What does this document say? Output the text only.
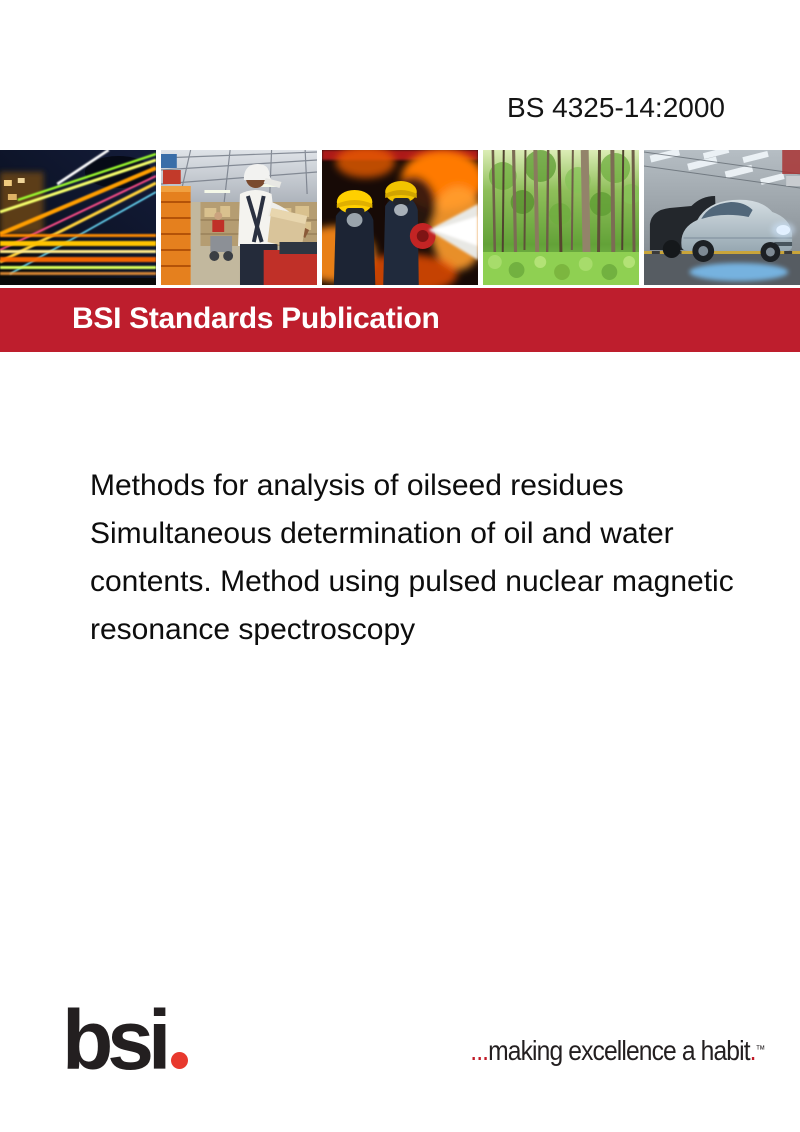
BS 4325-14:2000
BSI Standards Publication
Methods for analysis of oilseed residues
Simultaneous determination of oil and water
contents. Method using pulsed nuclear magnetic
resonance spectroscopy
bsi	...making excellence a habit.™
